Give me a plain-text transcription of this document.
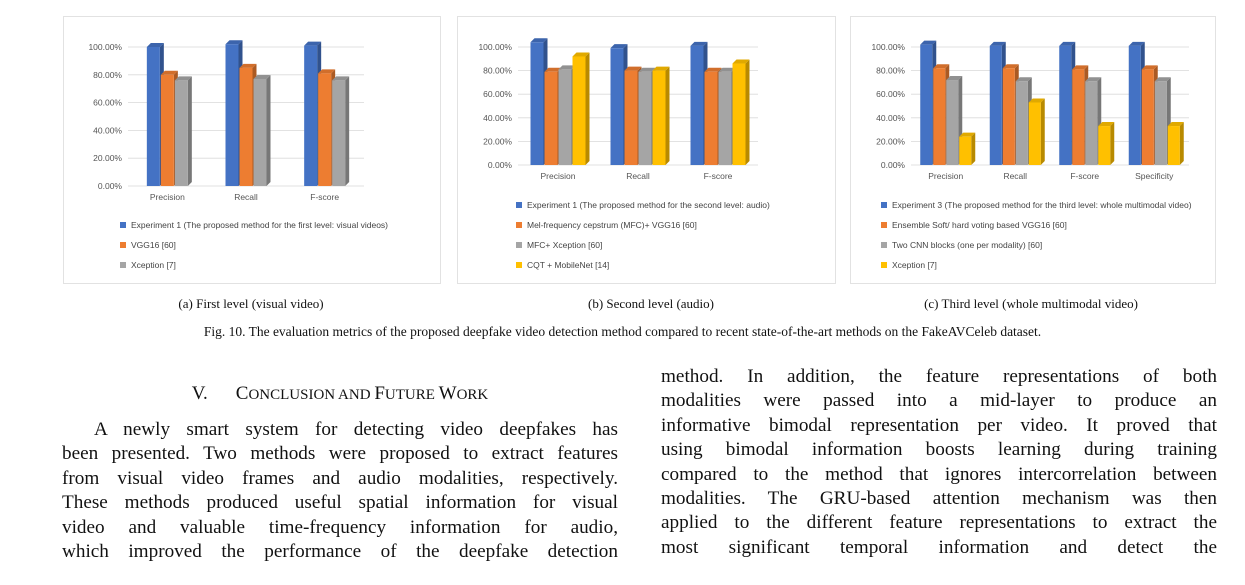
100.00%
80.00%
60.00%
40.00%
20.00%
0.00%
Precision	Recall	F-score
Experiment 1 (The proposed method for the first level: visual videos)
VGG16 [60]
Xception [7]
100.00%
80.00%
60.00%
40.00%
20.00%
0.00%
Precision	Recall	F-score
Experiment 1 (The proposed method for the second level: audio)
Mel-frequency cepstrum (MFC)+ VGG16 [60]
MFC+ Xception [60]
CQT + MobileNet [14]
100.00%
80.00%
60.00%
40.00%
20.00%
0.00%
Precision	Recall	F-score	Specificity
Experiment 3 (The proposed method for the third level: whole multimodal video)
Ensemble Soft/ hard voting based VGG16 [60]
Two CNN blocks (one per modality) [60]
Xception [7]
(a) First level (visual video)	(b) Second level (audio)	(c) Third level (whole multimodal video)
Fig. 10. The evaluation metrics of the proposed deepfake video detection method compared to recent state-of-the-art methods on the FakeAVCeleb dataset.
V. CONCLUSION AND FUTURE WORK

A newly smart system for detecting video deepfakes has

been presented. Two methods were proposed to extract features

from visual video frames and audio modalities, respectively.

These methods produced useful spatial information for visual

video and valuable time-frequency information for audio,

which improved the performance of the deepfake detection

method. In addition, the feature representations of both

modalities were passed into a mid-layer to produce an

informative bimodal representation per video. It proved that

using bimodal information boosts learning during training

compared to the method that ignores intercorrelation between

modalities. The GRU-based attention mechanism was then

applied to the different feature representations to extract the

most significant temporal information and detect the
